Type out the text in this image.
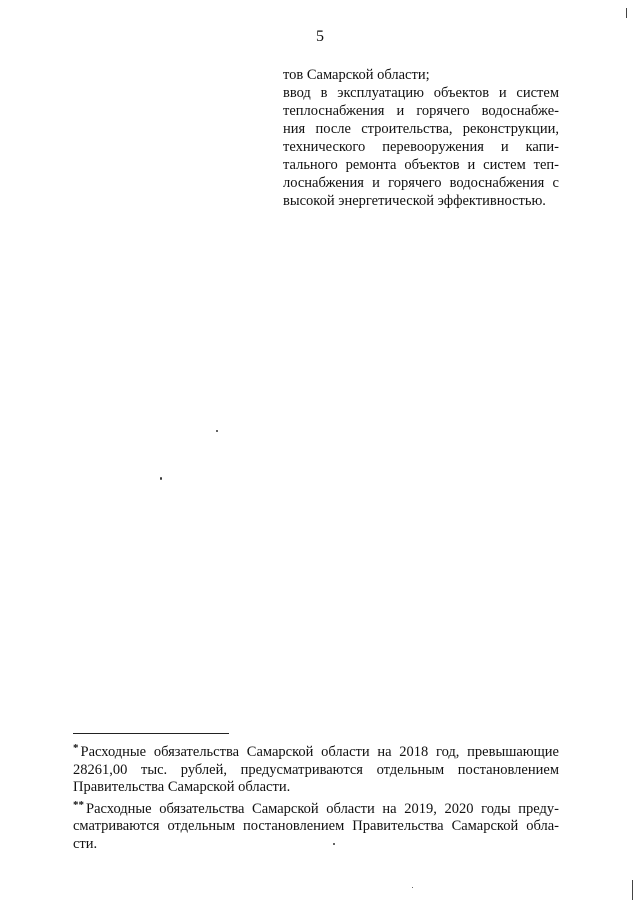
5
тов Самарской области;
ввод в эксплуатацию объектов и систем
теплоснабжения и горячего водоснабже-
ния после строительства, реконструкции,
технического перевооружения и капи-
тального ремонта объектов и систем теп-
лоснабжения и горячего водоснабжения с
высокой энергетической эффективностью.
* Расходные обязательства Самарской области на 2018 год, превышающие
28261,00 тыс. рублей, предусматриваются отдельным постановлением
Правительства Самарской области.
** Расходные обязательства Самарской области на 2019, 2020 годы преду-
сматриваются отдельным постановлением Правительства Самарской обла-
сти.
